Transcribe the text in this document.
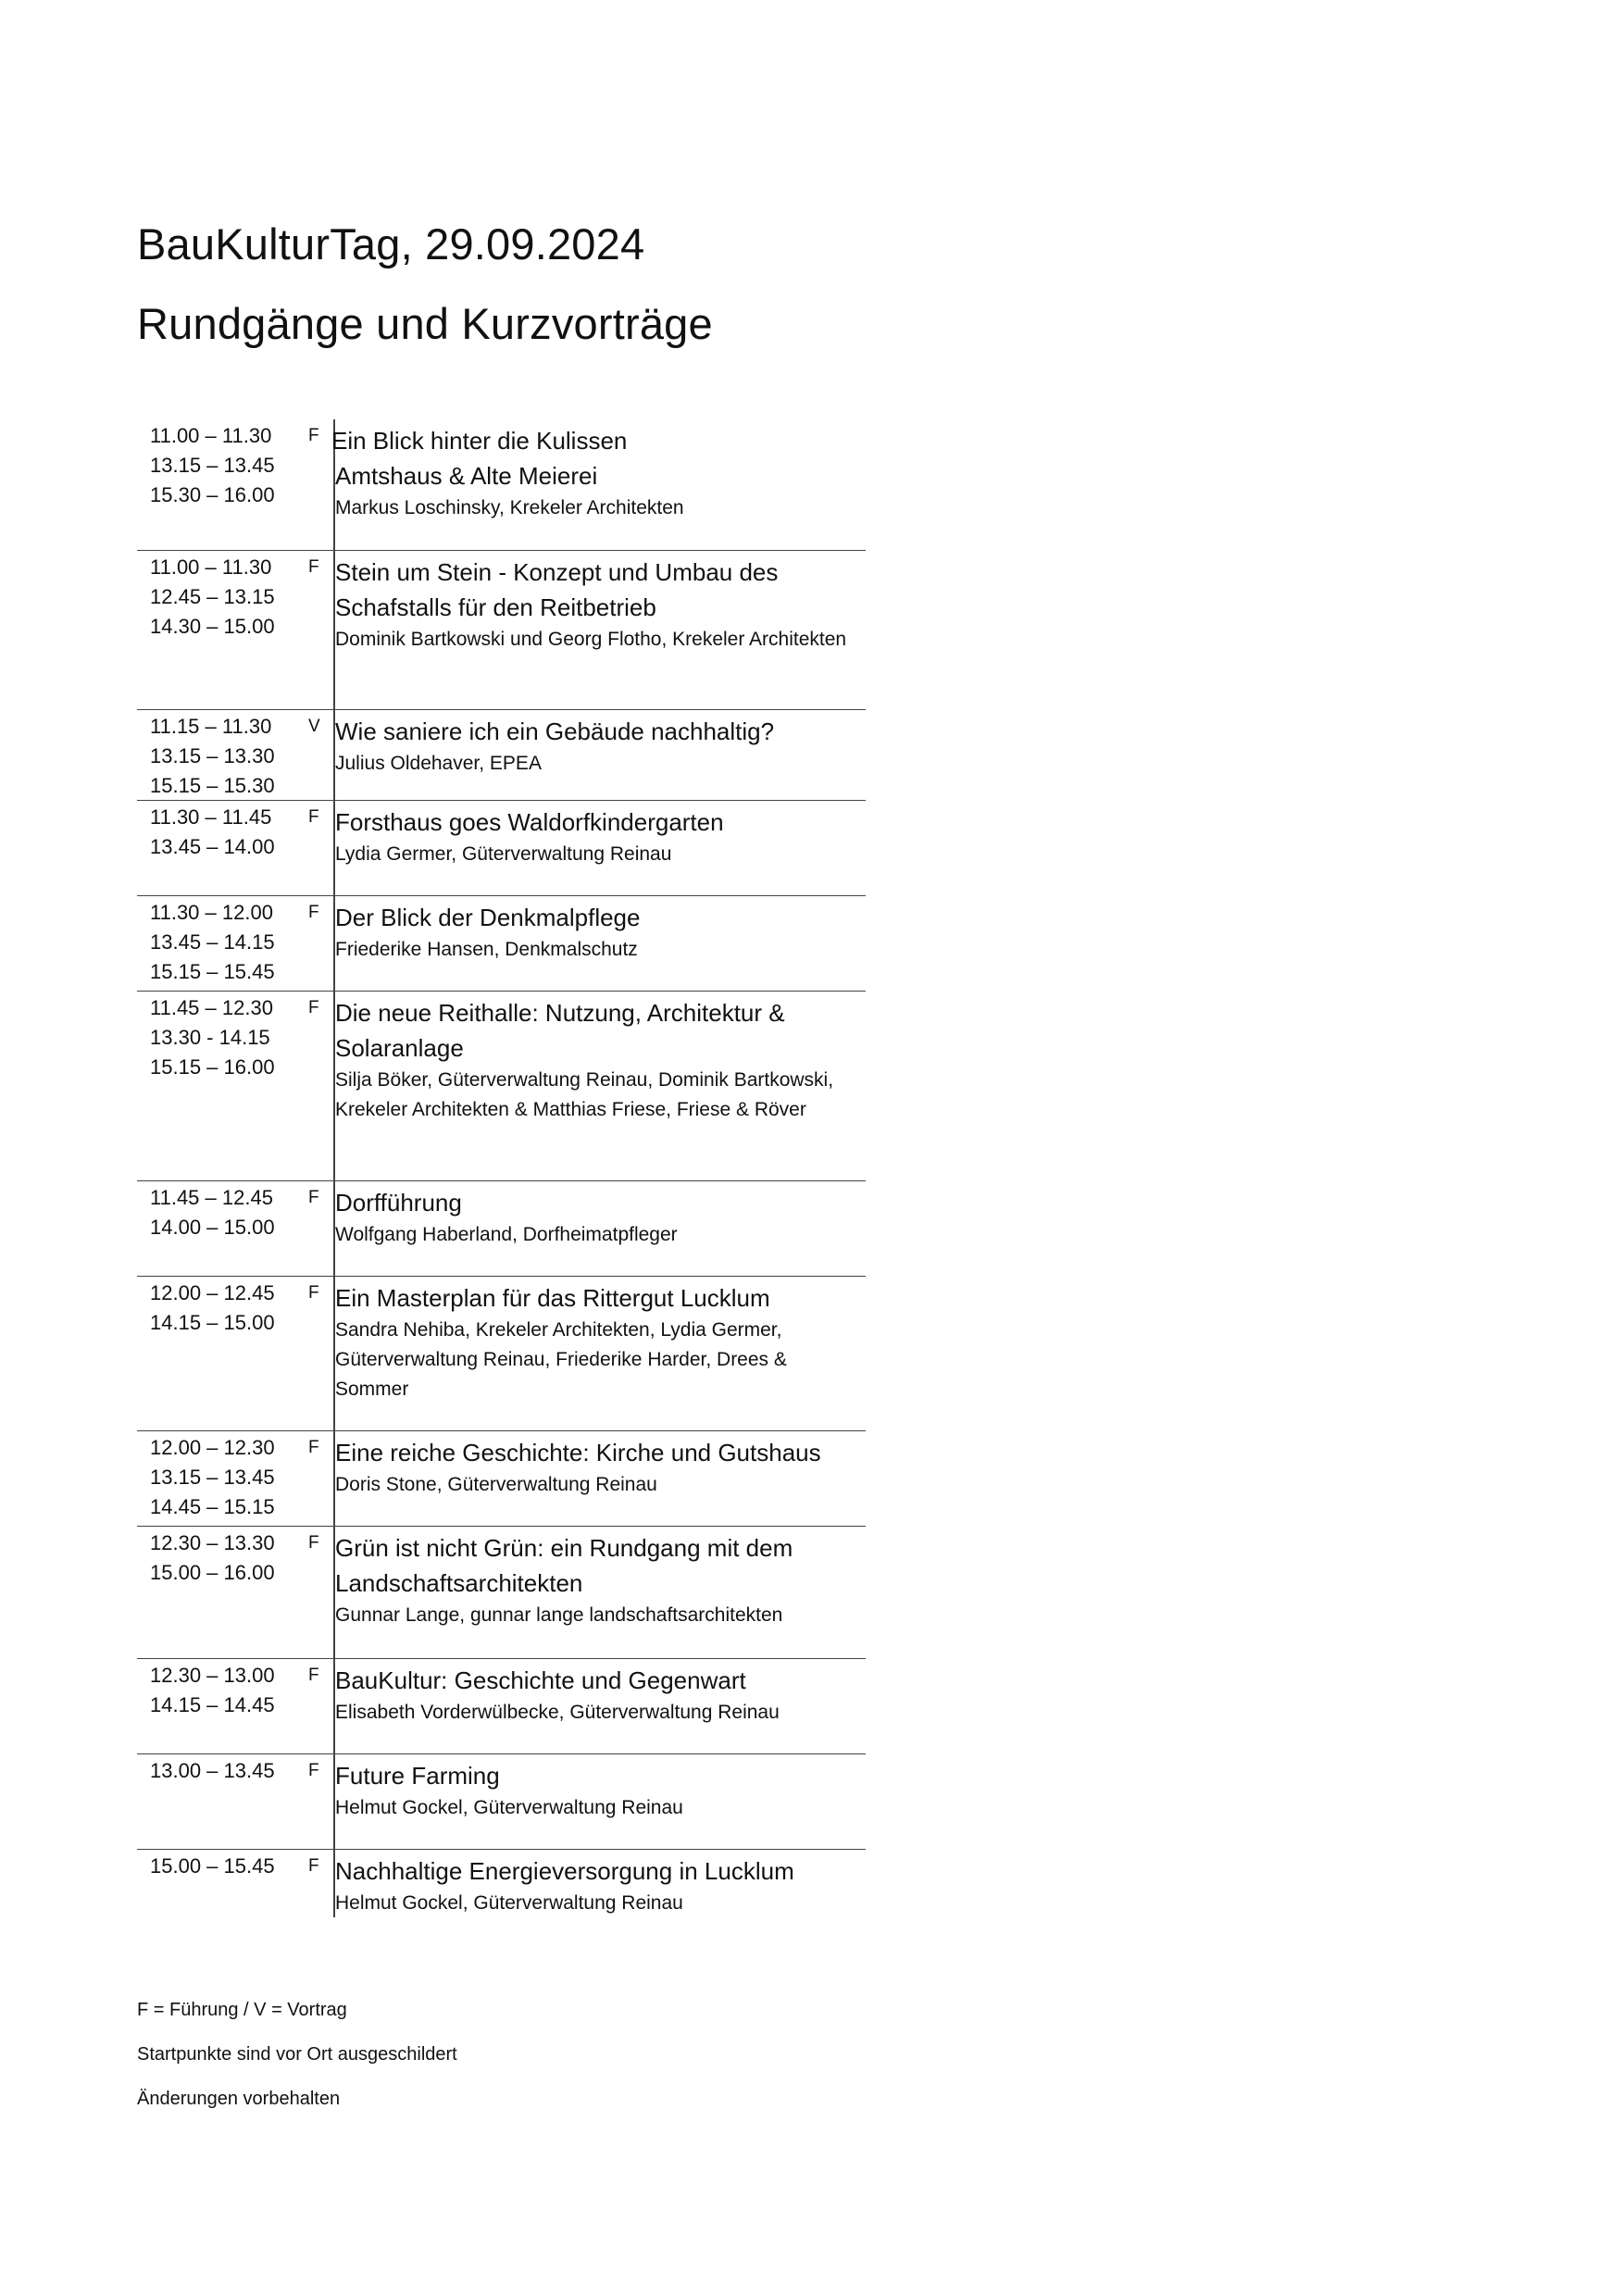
BauKulturTag, 29.09.2024
Rundgänge und Kurzvorträge
11.00 – 11.30
13.15 – 13.45
15.30 – 16.00
F Ein Blick hinter die Kulissen
Amtshaus & Alte Meierei
Markus Loschinsky, Krekeler Architekten
11.00 – 11.30
12.45 – 13.15
14.30 – 15.00
F Stein um Stein - Konzept und Umbau des Schafstalls für den Reitbetrieb
Dominik Bartkowski und Georg Flotho, Krekeler Architekten
11.15 – 11.30
13.15 – 13.30
15.15 – 15.30
V Wie saniere ich ein Gebäude nachhaltig?
Julius Oldehaver, EPEA
11.30 – 11.45
13.45 – 14.00
F Forsthaus goes Waldorfkindergarten
Lydia Germer, Güterverwaltung Reinau
11.30 – 12.00
13.45 – 14.15
15.15 – 15.45
F Der Blick der Denkmalpflege
Friederike Hansen, Denkmalschutz
11.45 – 12.30
13.30 - 14.15
15.15 – 16.00
F Die neue Reithalle: Nutzung, Architektur & Solaranlage
Silja Böker, Güterverwaltung Reinau, Dominik Bartkowski, Krekeler Architekten & Matthias Friese, Friese & Röver
11.45 – 12.45
14.00 – 15.00
F Dorfführung
Wolfgang Haberland, Dorfheimatpfleger
12.00 – 12.45
14.15 – 15.00
F Ein Masterplan für das Rittergut Lucklum
Sandra Nehiba, Krekeler Architekten, Lydia Germer, Güterverwaltung Reinau, Friederike Harder, Drees & Sommer
12.00 – 12.30
13.15 – 13.45
14.45 – 15.15
F Eine reiche Geschichte: Kirche und Gutshaus
Doris Stone, Güterverwaltung Reinau
12.30 – 13.30
15.00 – 16.00
F Grün ist nicht Grün: ein Rundgang mit dem Landschaftsarchitekten
Gunnar Lange, gunnar lange landschaftsarchitekten
12.30 – 13.00
14.15 – 14.45
F BauKultur: Geschichte und Gegenwart
Elisabeth Vorderwülbecke, Güterverwaltung Reinau
13.00 – 13.45 F Future Farming
Helmut Gockel, Güterverwaltung Reinau
15.00 – 15.45 F Nachhaltige Energieversorgung in Lucklum
Helmut Gockel, Güterverwaltung Reinau

F = Führung / V = Vortrag

Startpunkte sind vor Ort ausgeschildert

Änderungen vorbehalten
